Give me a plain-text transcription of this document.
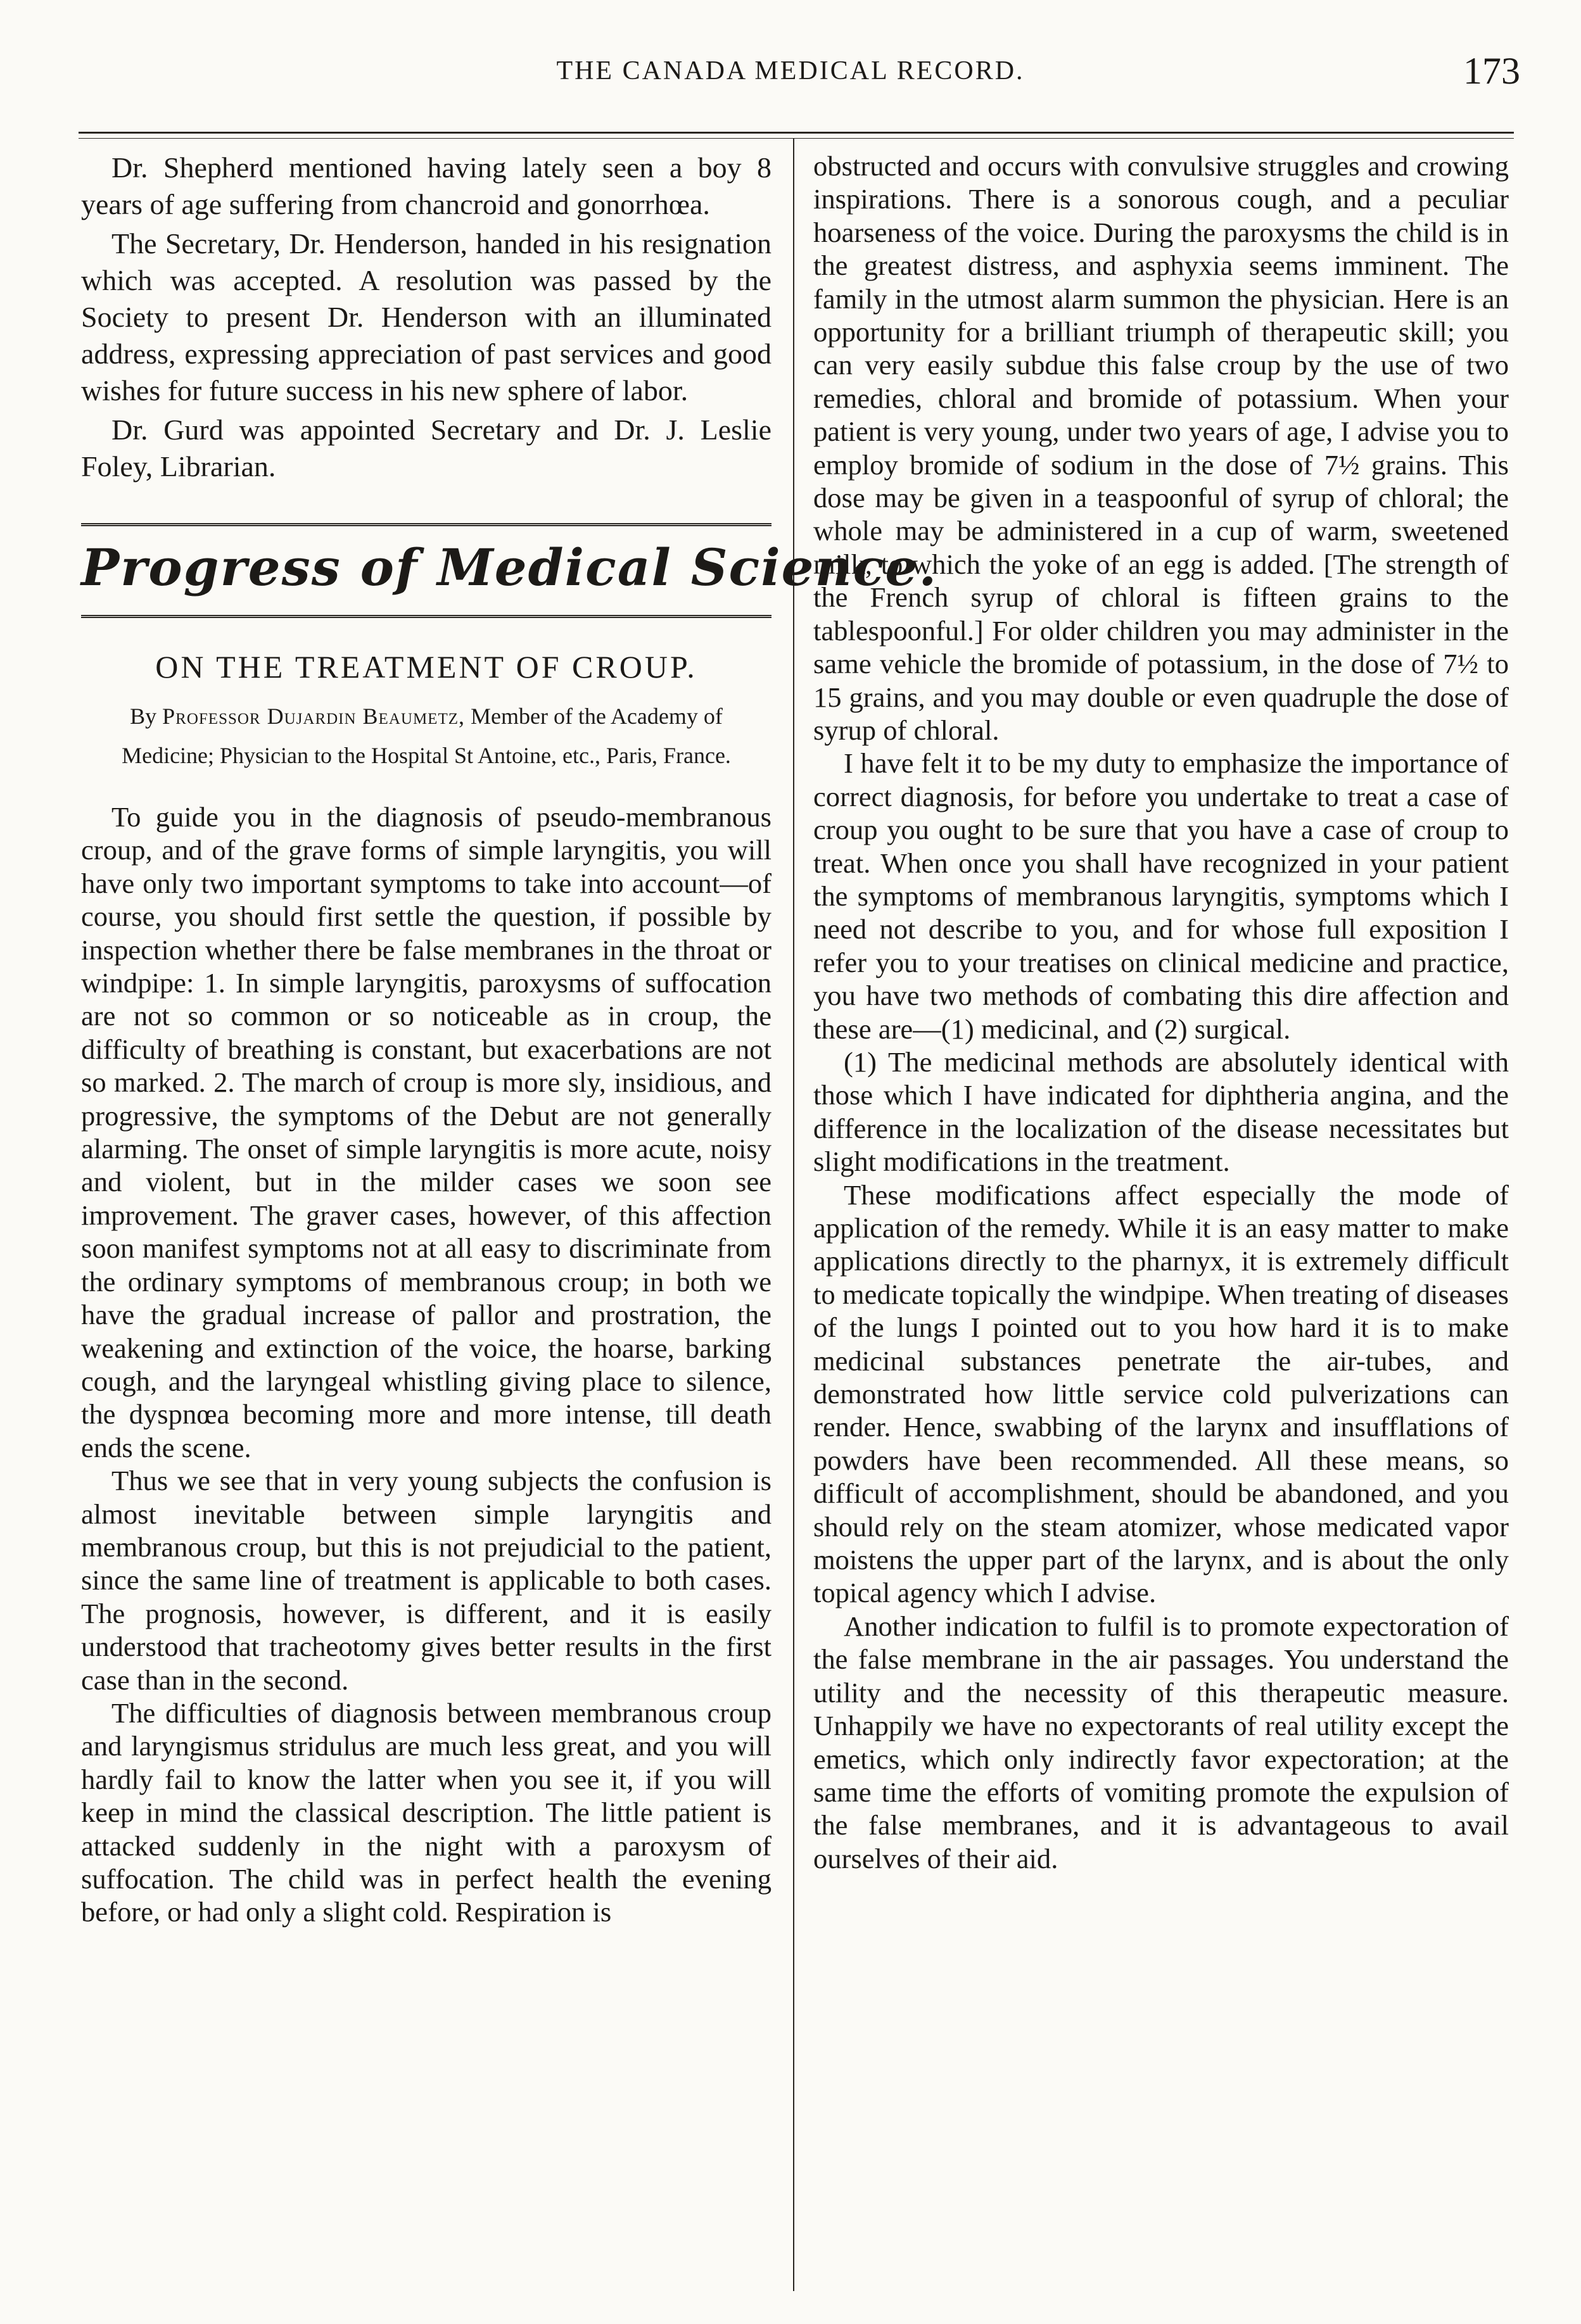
THE CANADA MEDICAL RECORD.	173

Dr. Shepherd mentioned having lately seen a boy 8 years of age suffering from chancroid and gonorrhœa.

The Secretary, Dr. Henderson, handed in his resignation which was accepted. A resolution was passed by the Society to present Dr. Henderson with an illuminated address, expressing appreciation of past services and good wishes for future success in his new sphere of labor.

Dr. Gurd was appointed Secretary and Dr. J. Leslie Foley, Librarian.

Progress of Medical Science.
ON THE TREATMENT OF CROUP.
By Professor Dujardin Beaumetz, Member of the Academy of Medicine; Physician to the Hospital St Antoine, etc., Paris, France.

To guide you in the diagnosis of pseudo-membranous croup, and of the grave forms of simple laryngitis, you will have only two important symptoms to take into account—of course, you should first settle the question, if possible by inspection whether there be false membranes in the throat or windpipe: 1. In simple laryngitis, paroxysms of suffocation are not so common or so noticeable as in croup, the difficulty of breathing is constant, but exacerbations are not so marked. 2. The march of croup is more sly, insidious, and progressive, the symptoms of the Debut are not generally alarming. The onset of simple laryngitis is more acute, noisy and violent, but in the milder cases we soon see improvement. The graver cases, however, of this affection soon manifest symptoms not at all easy to discriminate from the ordinary symptoms of membranous croup; in both we have the gradual increase of pallor and prostration, the weakening and extinction of the voice, the hoarse, barking cough, and the laryngeal whistling giving place to silence, the dyspnœa becoming more and more intense, till death ends the scene.

Thus we see that in very young subjects the confusion is almost inevitable between simple laryngitis and membranous croup, but this is not prejudicial to the patient, since the same line of treatment is applicable to both cases. The prognosis, however, is different, and it is easily understood that tracheotomy gives better results in the first case than in the second.

The difficulties of diagnosis between membranous croup and laryngismus stridulus are much less great, and you will hardly fail to know the latter when you see it, if you will keep in mind the classical description. The little patient is attacked suddenly in the night with a paroxysm of suffocation. The child was in perfect health the evening before, or had only a slight cold. Respiration is

obstructed and occurs with convulsive struggles and crowing inspirations. There is a sonorous cough, and a peculiar hoarseness of the voice. During the paroxysms the child is in the greatest distress, and asphyxia seems imminent. The family in the utmost alarm summon the physician. Here is an opportunity for a brilliant triumph of therapeutic skill; you can very easily subdue this false croup by the use of two remedies, chloral and bromide of potassium. When your patient is very young, under two years of age, I advise you to employ bromide of sodium in the dose of 7½ grains. This dose may be given in a teaspoonful of syrup of chloral; the whole may be administered in a cup of warm, sweetened milk, to which the yoke of an egg is added. [The strength of the French syrup of chloral is fifteen grains to the tablespoonful.] For older children you may administer in the same vehicle the bromide of potassium, in the dose of 7½ to 15 grains, and you may double or even quadruple the dose of syrup of chloral.

I have felt it to be my duty to emphasize the importance of correct diagnosis, for before you undertake to treat a case of croup you ought to be sure that you have a case of croup to treat. When once you shall have recognized in your patient the symptoms of membranous laryngitis, symptoms which I need not describe to you, and for whose full exposition I refer you to your treatises on clinical medicine and practice, you have two methods of combating this dire affection and these are—(1) medicinal, and (2) surgical.

(1) The medicinal methods are absolutely identical with those which I have indicated for diphtheria angina, and the difference in the localization of the disease necessitates but slight modifications in the treatment.

These modifications affect especially the mode of application of the remedy. While it is an easy matter to make applications directly to the pharnyx, it is extremely difficult to medicate topically the windpipe. When treating of diseases of the lungs I pointed out to you how hard it is to make medicinal substances penetrate the air-tubes, and demonstrated how little service cold pulverizations can render. Hence, swabbing of the larynx and insufflations of powders have been recommended. All these means, so difficult of accomplishment, should be abandoned, and you should rely on the steam atomizer, whose medicated vapor moistens the upper part of the larynx, and is about the only topical agency which I advise.

Another indication to fulfil is to promote expectoration of the false membrane in the air passages. You understand the utility and the necessity of this therapeutic measure. Unhappily we have no expectorants of real utility except the emetics, which only indirectly favor expectoration; at the same time the efforts of vomiting promote the expulsion of the false membranes, and it is advantageous to avail ourselves of their aid.
